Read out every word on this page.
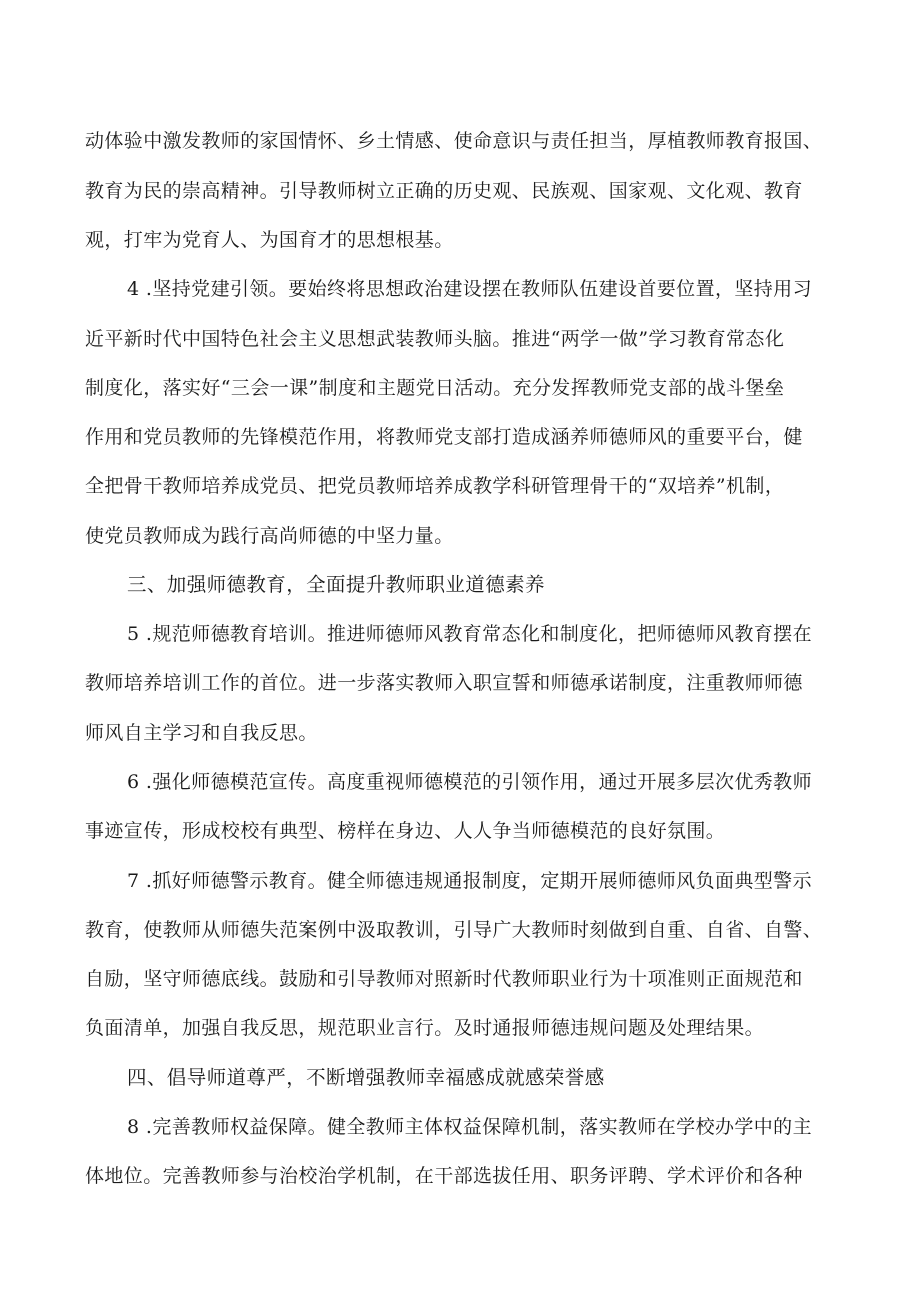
动体验中激发教师的家国情怀、乡土情感、使命意识与责任担当，厚植教师教育报国、
教育为民的崇高精神。引导教师树立正确的历史观、民族观、国家观、文化观、教育
观，打牢为党育人、为国育才的思想根基。
4 .坚持党建引领。要始终将思想政治建设摆在教师队伍建设首要位置，坚持用习
近平新时代中国特色社会主义思想武装教师头脑。推进“两学一做”学习教育常态化
制度化，落实好“三会一课”制度和主题党日活动。充分发挥教师党支部的战斗堡垒
作用和党员教师的先锋模范作用，将教师党支部打造成涵养师德师风的重要平台，健
全把骨干教师培养成党员、把党员教师培养成教学科研管理骨干的“双培养”机制，
使党员教师成为践行高尚师德的中坚力量。
三、加强师德教育，全面提升教师职业道德素养
5 .规范师德教育培训。推进师德师风教育常态化和制度化，把师德师风教育摆在
教师培养培训工作的首位。进一步落实教师入职宣誓和师德承诺制度，注重教师师德
师风自主学习和自我反思。
6 .强化师德模范宣传。高度重视师德模范的引领作用，通过开展多层次优秀教师
事迹宣传，形成校校有典型、榜样在身边、人人争当师德模范的良好氛围。
7 .抓好师德警示教育。健全师德违规通报制度，定期开展师德师风负面典型警示
教育，使教师从师德失范案例中汲取教训，引导广大教师时刻做到自重、自省、自警、
自励，坚守师德底线。鼓励和引导教师对照新时代教师职业行为十项准则正面规范和
负面清单，加强自我反思，规范职业言行。及时通报师德违规问题及处理结果。
四、倡导师道尊严，不断增强教师幸福感成就感荣誉感
8 .完善教师权益保障。健全教师主体权益保障机制，落实教师在学校办学中的主
体地位。完善教师参与治校治学机制，在干部选拔任用、职务评聘、学术评价和各种
